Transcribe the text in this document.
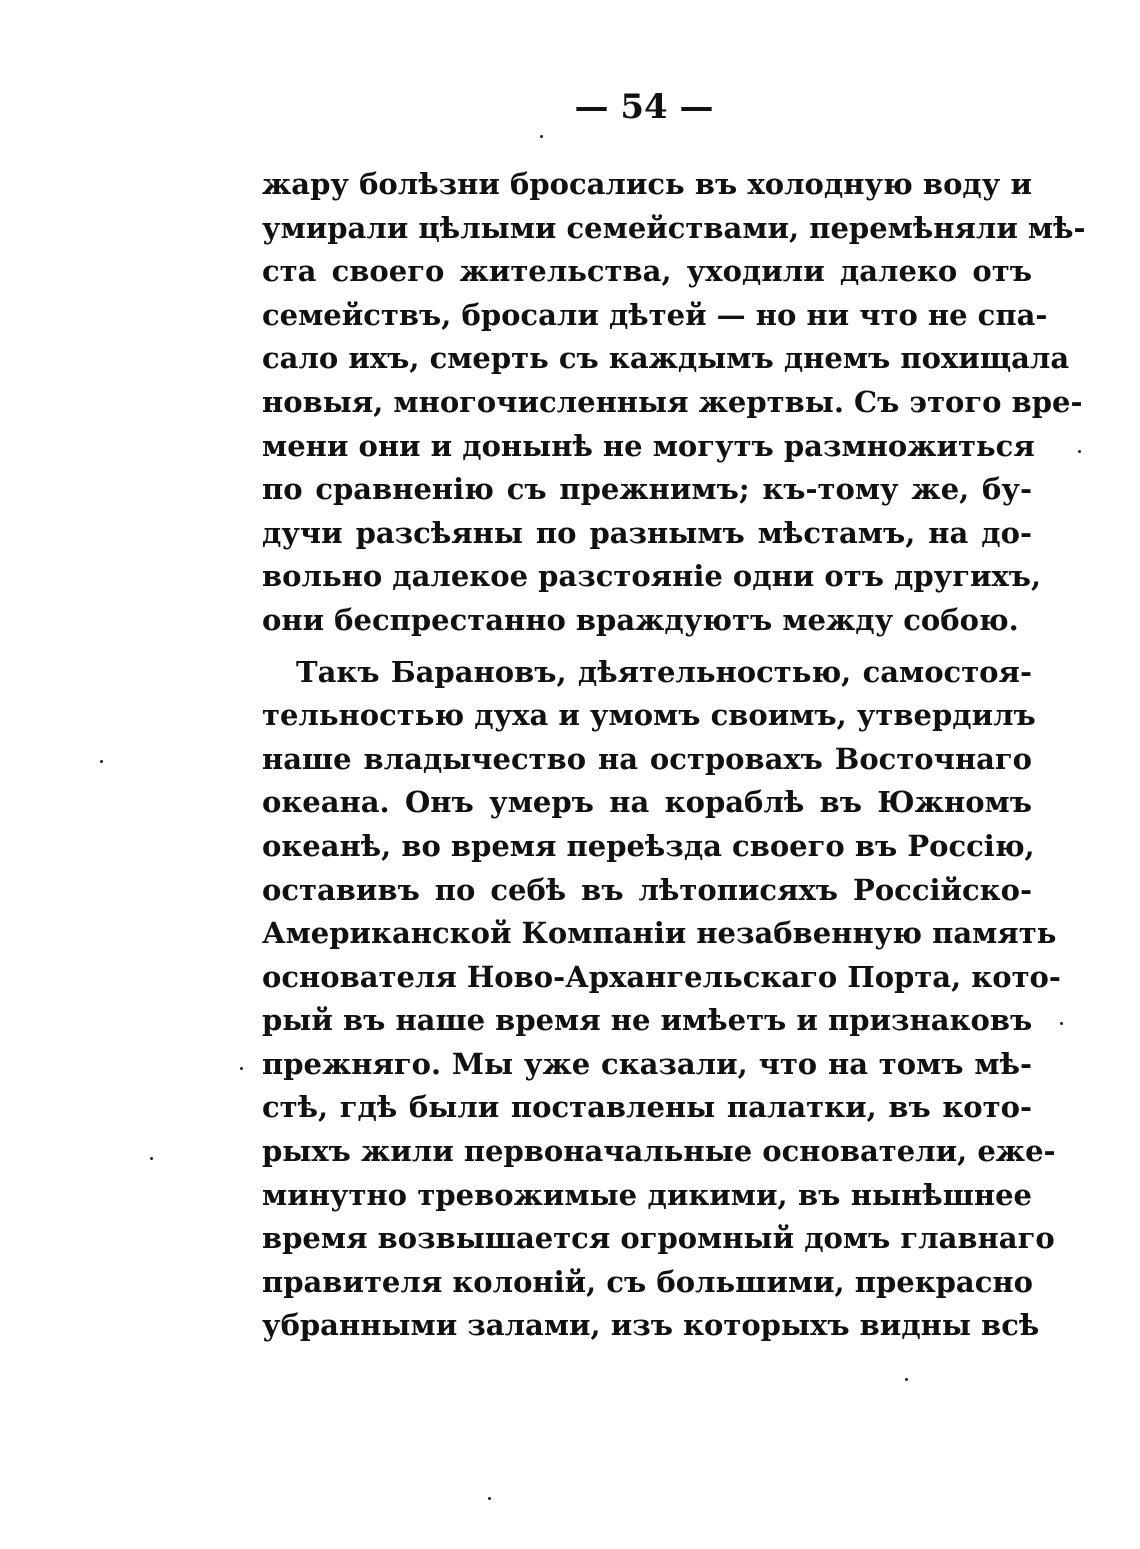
— 54 —
жару болѣзни бросались въ холодную воду и
умирали цѣлыми семействами, перемѣняли мѣ-
ста своего жительства, уходили далеко отъ
семействъ, бросали дѣтей — но ни что не спа-
сало ихъ, смерть съ каждымъ днемъ похищала
новыя, многочисленныя жертвы. Съ этого вре-
мени они и донынѣ не могутъ размножиться
по сравненію съ прежнимъ; къ-тому же, бу-
дучи разсѣяны по разнымъ мѣстамъ, на до-
вольно далекое разстояніе одни отъ другихъ,
они беспрестанно враждуютъ между собою.
Такъ Барановъ, дѣятельностью, самостоя-
тельностью духа и умомъ своимъ, утвердилъ
наше владычество на островахъ Восточнаго
океана. Онъ умеръ на кораблѣ въ Южномъ
океанѣ, во время переѣзда своего въ Россію,
оставивъ по себѣ въ лѣтописяхъ Россійско-
Американской Компаніи незабвенную память
основателя Ново-Архангельскаго Порта, кото-
рый въ наше время не имѣетъ и признаковъ
прежняго. Мы уже сказали, что на томъ мѣ-
стѣ, гдѣ были поставлены палатки, въ кото-
рыхъ жили первоначальные основатели, еже-
минутно тревожимые дикими, въ нынѣшнее
время возвышается огромный домъ главнаго
правителя колоній, съ большими, прекрасно
убранными залами, изъ которыхъ видны всѣ
